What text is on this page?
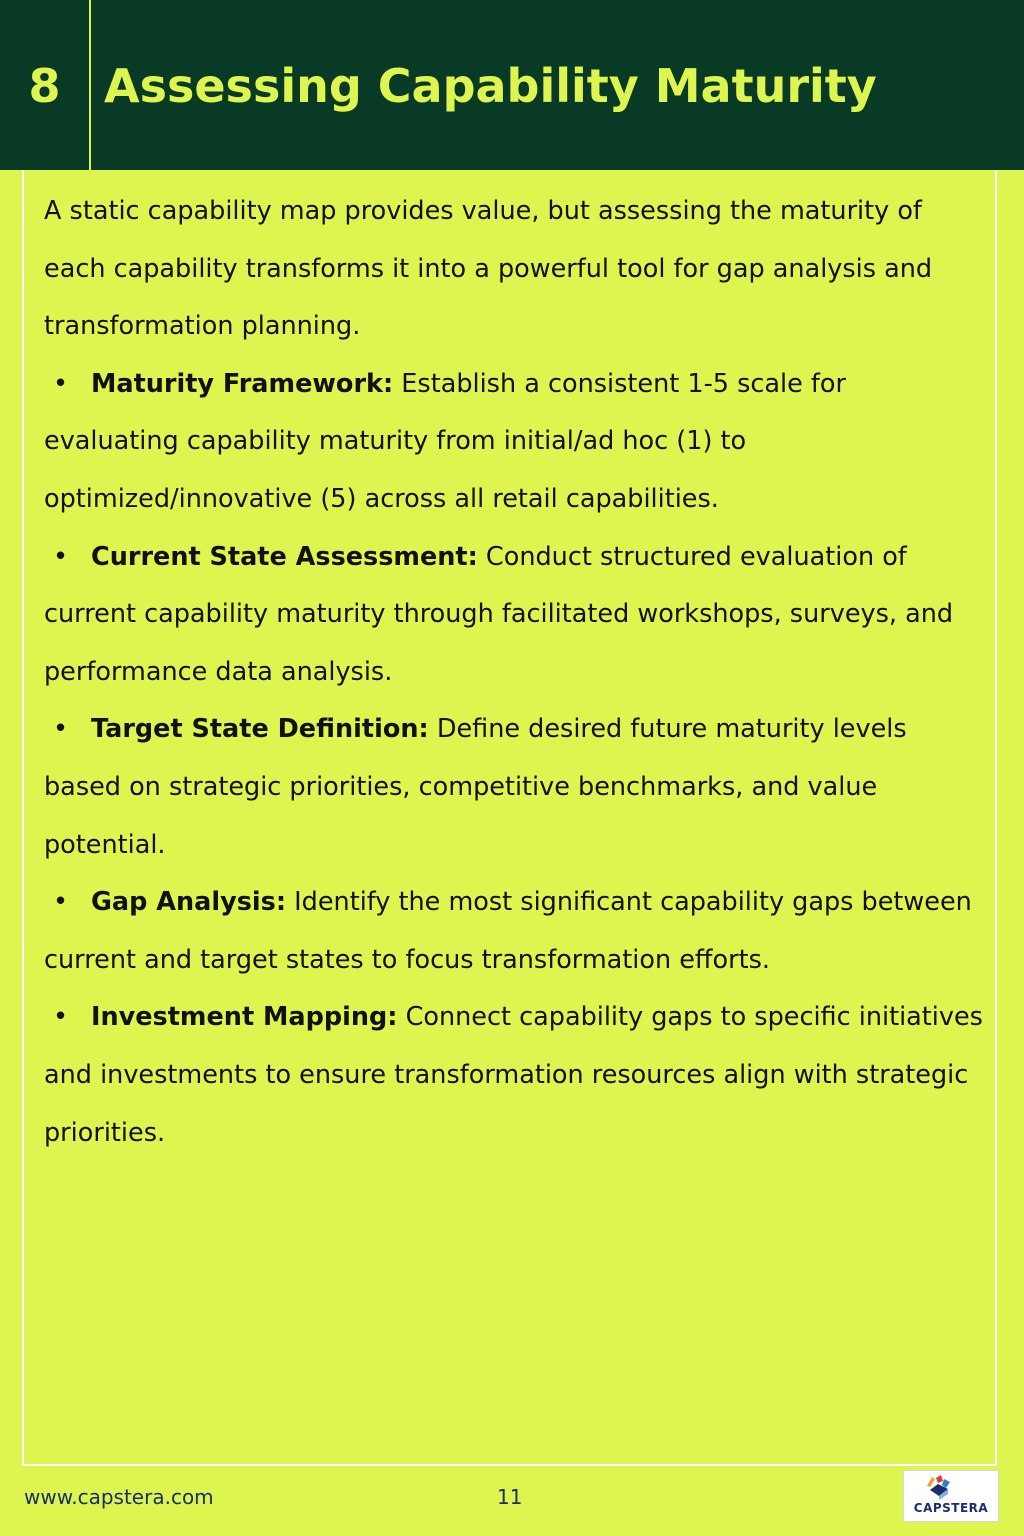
8 Assessing Capability Maturity

A static capability map provides value, but assessing the maturity of each capability transforms it into a powerful tool for gap analysis and transformation planning.

• Maturity Framework: Establish a consistent 1-5 scale for evaluating capability maturity from initial/ad hoc (1) to optimized/innovative (5) across all retail capabilities.

• Current State Assessment: Conduct structured evaluation of current capability maturity through facilitated workshops, surveys, and performance data analysis.

• Target State Definition: Define desired future maturity levels based on strategic priorities, competitive benchmarks, and value potential.

• Gap Analysis: Identify the most significant capability gaps between current and target states to focus transformation efforts.

• Investment Mapping: Connect capability gaps to specific initiatives and investments to ensure transformation resources align with strategic priorities.

www.capstera.com	11	CAPSTERA
